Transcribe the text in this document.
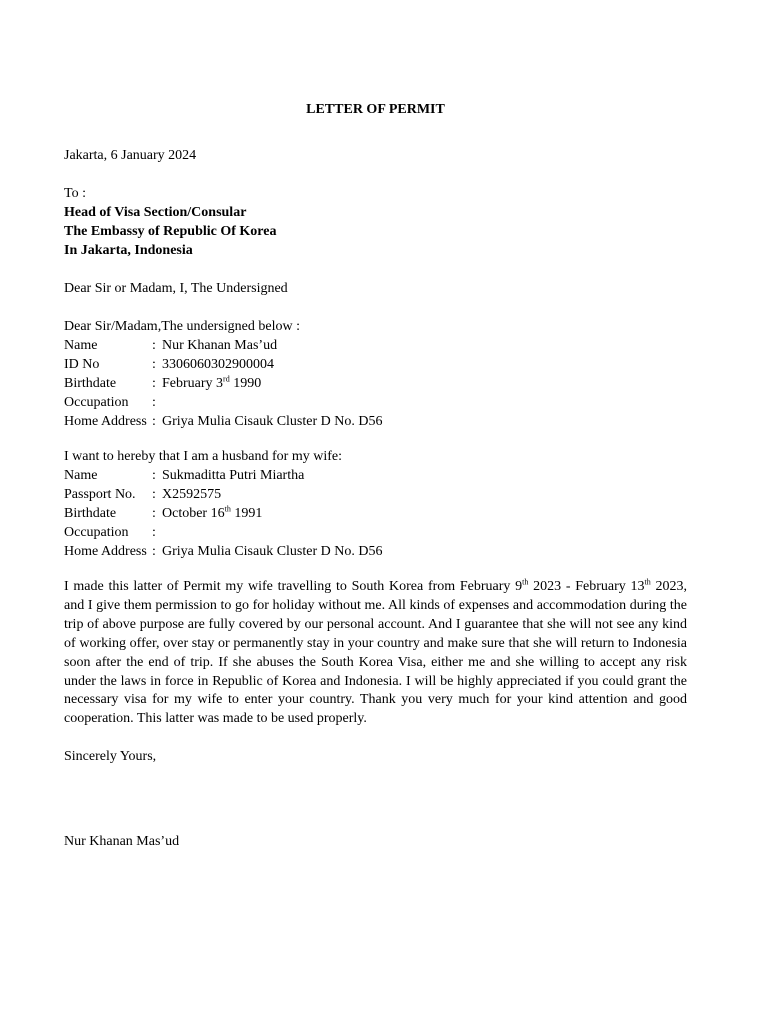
LETTER OF PERMIT
Jakarta, 6 January 2024
To :
Head of Visa Section/Consular
The Embassy of Republic Of Korea
In Jakarta, Indonesia
Dear Sir or Madam, I, The Undersigned
Dear Sir/Madam,The undersigned below :
Name	: Nur Khanan Mas’ud
ID No	: 3306060302900004
Birthdate	: February 3rd 1990
Occupation	:
Home Address : Griya Mulia Cisauk Cluster D No. D56
I want to hereby that I am a husband for my wife:
Name	: Sukmaditta Putri Miartha
Passport No.	: X2592575
Birthdate	: October 16th 1991
Occupation	:
Home Address : Griya Mulia Cisauk Cluster D No. D56
I made this latter of Permit my wife travelling to South Korea from February 9th 2023 - February 13th 2023, and I give them permission to go for holiday without me. All kinds of expenses and accommodation during the trip of above purpose are fully covered by our personal account. And I guarantee that she will not see any kind of working offer, over stay or permanently stay in your country and make sure that she will return to Indonesia soon after the end of trip. If she abuses the South Korea Visa, either me and she willing to accept any risk under the laws in force in Republic of Korea and Indonesia. I will be highly appreciated if you could grant the necessary visa for my wife to enter your country. Thank you very much for your kind attention and good cooperation. This latter was made to be used properly.
Sincerely Yours,
Nur Khanan Mas’ud
